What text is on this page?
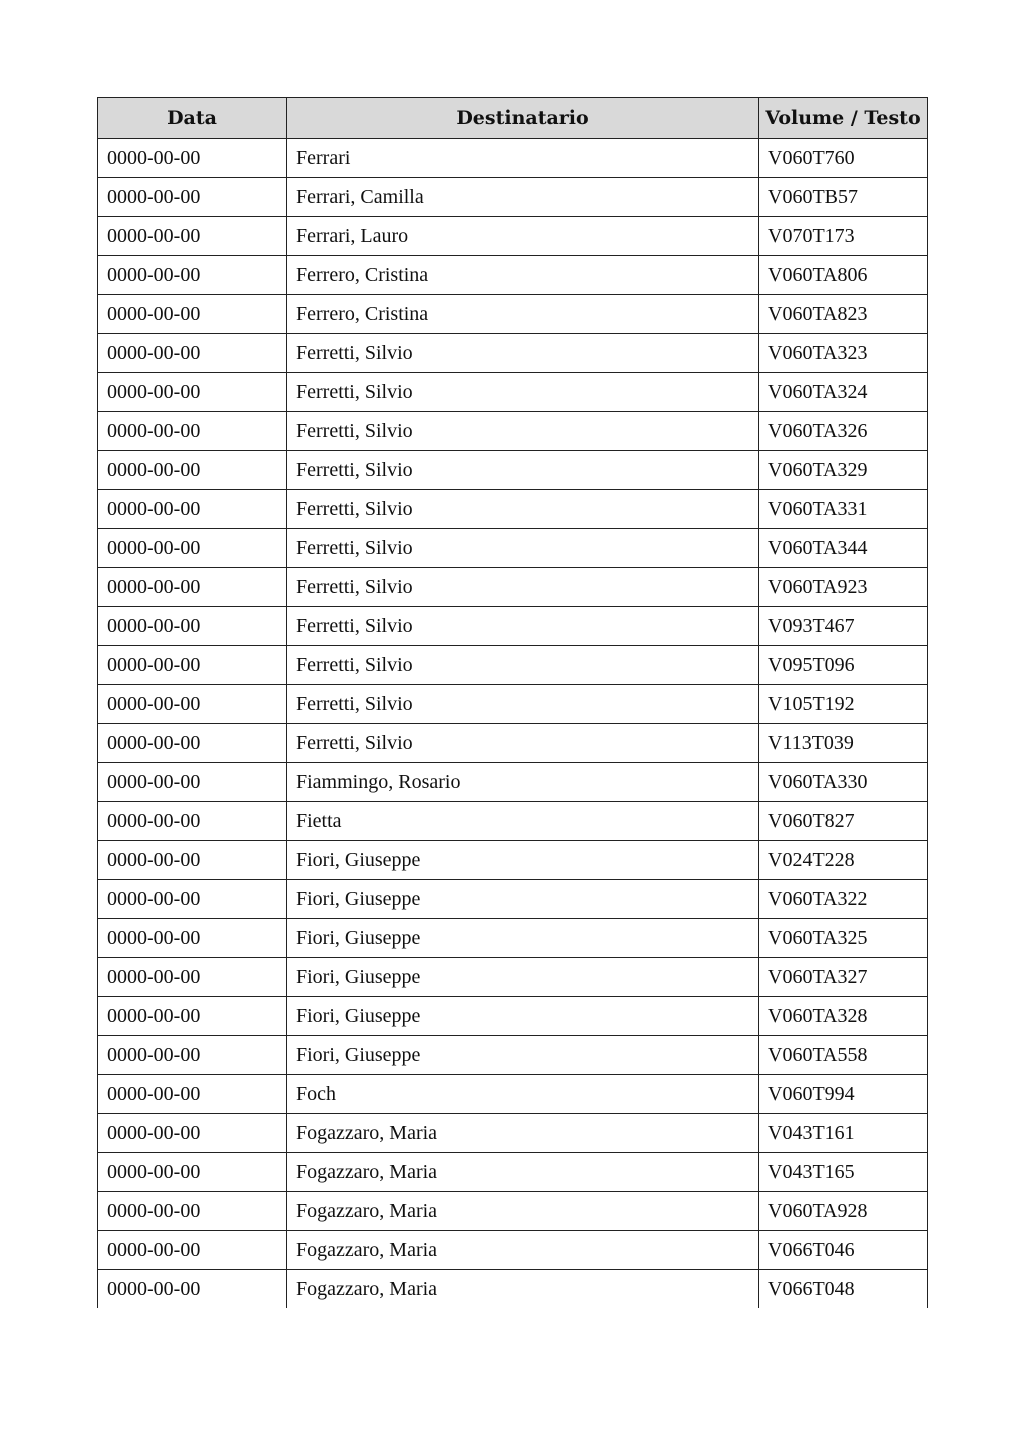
Data	Destinatario	Volume / Testo
0000-00-00	Ferrari	V060T760
0000-00-00	Ferrari, Camilla	V060TB57
0000-00-00	Ferrari, Lauro	V070T173
0000-00-00	Ferrero, Cristina	V060TA806
0000-00-00	Ferrero, Cristina	V060TA823
0000-00-00	Ferretti, Silvio	V060TA323
0000-00-00	Ferretti, Silvio	V060TA324
0000-00-00	Ferretti, Silvio	V060TA326
0000-00-00	Ferretti, Silvio	V060TA329
0000-00-00	Ferretti, Silvio	V060TA331
0000-00-00	Ferretti, Silvio	V060TA344
0000-00-00	Ferretti, Silvio	V060TA923
0000-00-00	Ferretti, Silvio	V093T467
0000-00-00	Ferretti, Silvio	V095T096
0000-00-00	Ferretti, Silvio	V105T192
0000-00-00	Ferretti, Silvio	V113T039
0000-00-00	Fiammingo, Rosario	V060TA330
0000-00-00	Fietta	V060T827
0000-00-00	Fiori, Giuseppe	V024T228
0000-00-00	Fiori, Giuseppe	V060TA322
0000-00-00	Fiori, Giuseppe	V060TA325
0000-00-00	Fiori, Giuseppe	V060TA327
0000-00-00	Fiori, Giuseppe	V060TA328
0000-00-00	Fiori, Giuseppe	V060TA558
0000-00-00	Foch	V060T994
0000-00-00	Fogazzaro, Maria	V043T161
0000-00-00	Fogazzaro, Maria	V043T165
0000-00-00	Fogazzaro, Maria	V060TA928
0000-00-00	Fogazzaro, Maria	V066T046
0000-00-00	Fogazzaro, Maria	V066T048
